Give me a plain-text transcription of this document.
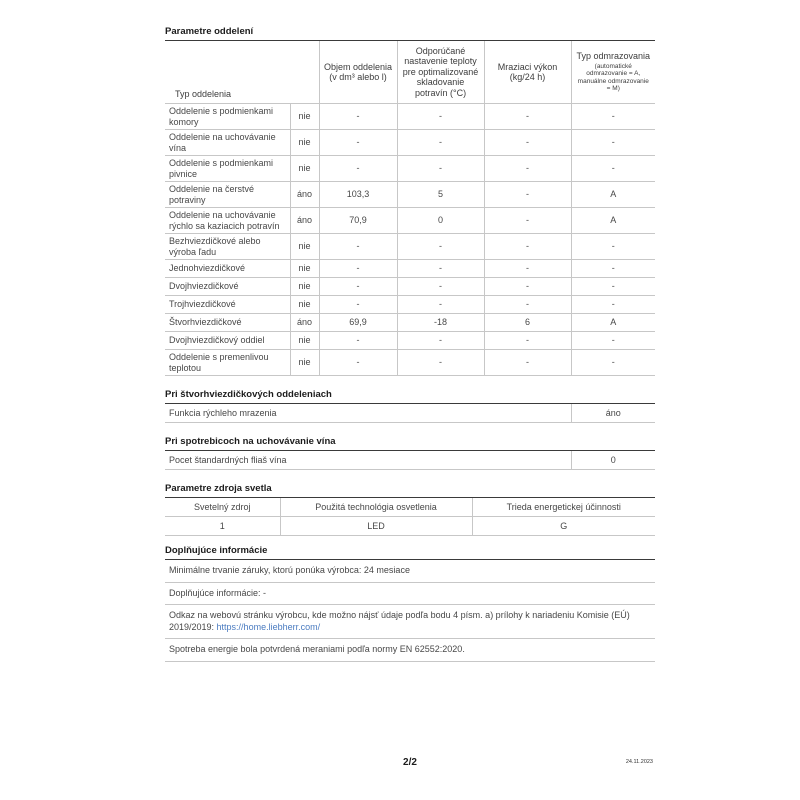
Parametre oddelení
Typ oddelenia		Objem oddelenia (v dm³ alebo l)	Odporúčané nastavenie teploty pre optimalizované skladovanie potravín (°C)	Mraziaci výkon (kg/24 h)	Typ odmrazovania
(automatické odmrazovanie = A, manuálne odmrazovanie = M)

Oddelenie s podmienkami komory	nie	-	-	-	-
Oddelenie na uchovávanie vína	nie	-	-	-	-
Oddelenie s podmienkami pivnice	nie	-	-	-	-
Oddelenie na čerstvé potraviny	áno	103,3	5	-	A
Oddelenie na uchovávanie rýchlo sa kaziacich potravín	áno	70,9	0	-	A
Bezhviezdičkové alebo výroba ľadu	nie	-	-	-	-
Jednohviezdičkové	nie	-	-	-	-
Dvojhviezdičkové	nie	-	-	-	-
Trojhviezdičkové	nie	-	-	-	-
Štvorhviezdičkové	áno	69,9	-18	6	A
Dvojhviezdičkový oddiel	nie	-	-	-	-
Oddelenie s premenlivou teplotou	nie	-	-	-	-
Pri štvorhviezdičkových oddeleniach
Funkcia rýchleho mrazenia	áno
Pri spotrebicoch na uchovávanie vína
Pocet štandardných fliaš vína	0
Parametre zdroja svetla
Svetelný zdroj	Použitá technológia osvetlenia	Trieda energetickej účinnosti
1	LED	G
Doplňujúce informácie
Minimálne trvanie záruky, ktorú ponúka výrobca: 24 mesiace
Doplňujúce informácie: -
Odkaz na webovú stránku výrobcu, kde možno nájsť údaje podľa bodu 4 písm. a) prílohy k nariadeniu Komisie (EÚ) 2019/2019: https://home.liebherr.com/
Spotreba energie bola potvrdená meraniami podľa normy EN 62552:2020.
2/2	24.11.2023
